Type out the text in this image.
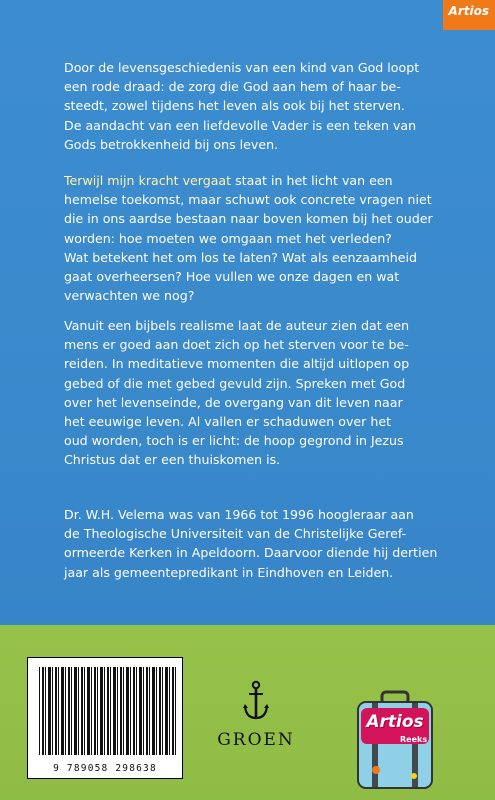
Artios

Door de levensgeschiedenis van een kind van God loopt
een rode draad: de zorg die God aan hem of haar be-
steedt, zowel tijdens het leven als ook bij het sterven.
De aandacht van een liefdevolle Vader is een teken van
Gods betrokkenheid bij ons leven.

Terwijl mijn kracht vergaat staat in het licht van een
hemelse toekomst, maar schuwt ook concrete vragen niet
die in ons aardse bestaan naar boven komen bij het ouder
worden: hoe moeten we omgaan met het verleden?
Wat betekent het om los te laten? Wat als eenzaamheid
gaat overheersen? Hoe vullen we onze dagen en wat
verwachten we nog?

Vanuit een bijbels realisme laat de auteur zien dat een
mens er goed aan doet zich op het sterven voor te be-
reiden. In meditatieve momenten die altijd uitlopen op
gebed of die met gebed gevuld zijn. Spreken met God
over het levenseinde, de overgang van dit leven naar
het eeuwige leven. Al vallen er schaduwen over het
oud worden, toch is er licht: de hoop gegrond in Jezus
Christus dat er een thuiskomen is.

Dr. W.H. Velema was van 1966 tot 1996 hoogleraar aan
de Theologische Universiteit van de Christelijke Geref-
ormeerde Kerken in Apeldoorn. Daarvoor diende hij dertien
jaar als gemeentepredikant in Eindhoven en Leiden.

9 789058 298638
GROEN
Artios
Reeks
